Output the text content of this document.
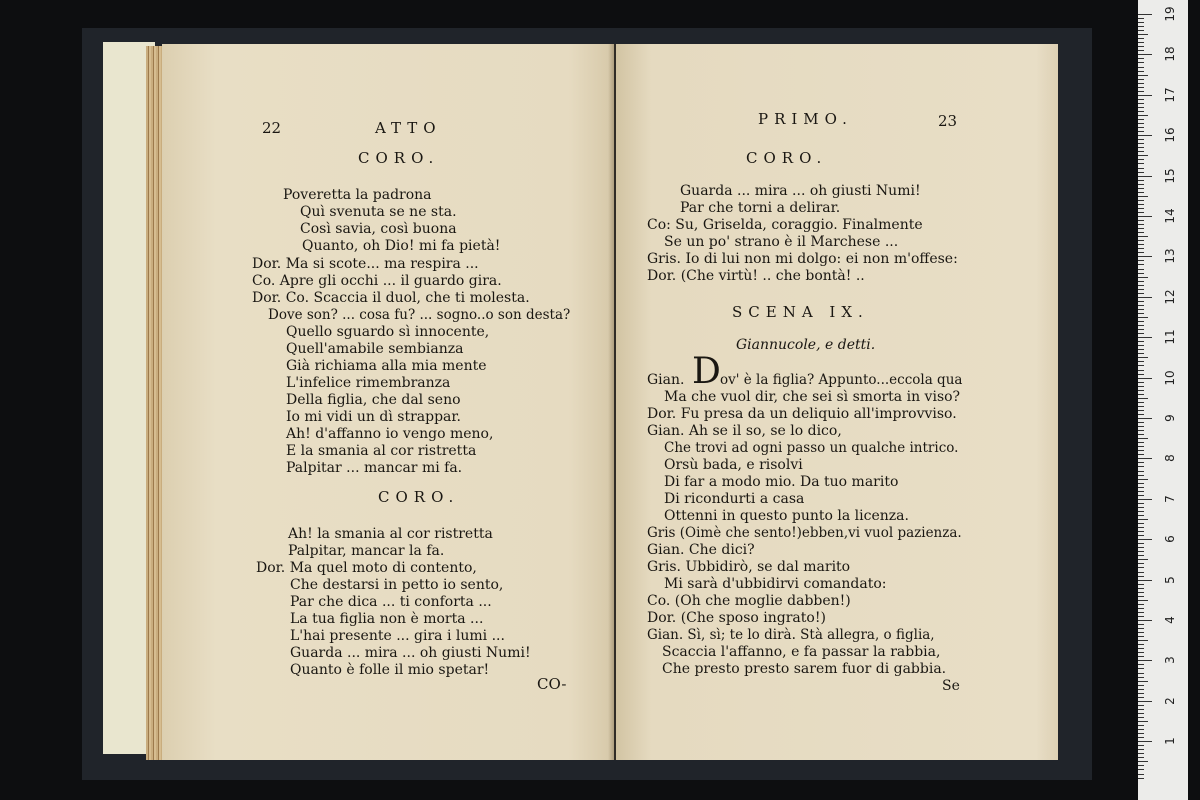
22	ATTO
CORO.
Poveretta la padrona
Quì svenuta se ne sta.
Così savia, così buona
Quanto, oh Dio! mi fa pietà!
Dor. Ma si scote... ma respira ...
Co. Apre gli occhi ... il guardo gira.
Dor. Co. Scaccia il duol, che ti molesta.
Dove son? ... cosa fu? ... sogno..o son desta?
Quello sguardo sì innocente,
Quell'amabile sembianza
Già richiama alla mia mente
L'infelice rimembranza
Della figlia, che dal seno
Io mi vidi un dì strappar.
Ah! d'affanno io vengo meno,
E la smania al cor ristretta
Palpitar ... mancar mi fa.
CORO.
Ah! la smania al cor ristretta
Palpitar, mancar la fa.
Dor. Ma quel moto di contento,
Che destarsi in petto io sento,
Par che dica ... ti conforta ...
La tua figlia non è morta ...
L'hai presente ... gira i lumi ...
Guarda ... mira ... oh giusti Numi!
Quanto è folle il mio spetar!
CO-
PRIMO.	23
CORO.
Guarda ... mira ... oh giusti Numi!
Par che torni a delirar.
Co: Su, Griselda, coraggio. Finalmente
Se un po' strano è il Marchese ...
Gris. Io di lui non mi dolgo: ei non m'offese:
Dor. (Che virtù! .. che bontà! ..
SCENA IX.
Giannucole, e detti.
Gian. D ov' è la figlia? Appunto...eccola qua
Ma che vuol dir, che sei sì smorta in viso?
Dor. Fu presa da un deliquio all'improvviso.
Gian. Ah se il so, se lo dico,
Che trovi ad ogni passo un qualche intrico.
Orsù bada, e risolvi
Di far a modo mio. Da tuo marito
Di ricondurti a casa
Ottenni in questo punto la licenza.
Gris (Oimè che sento!)ebben,vi vuol pazienza.
Gian. Che dici?
Gris. Ubbidirò, se dal marito
Mi sarà d'ubbidirvi comandato:
Co. (Oh che moglie dabben!)
Dor. (Che sposo ingrato!)
Gian. Sì, sì; te lo dirà. Stà allegra, o figlia,
Scaccia l'affanno, e fa passar la rabbia,
Che presto presto sarem fuor di gabbia.
Se
19
18
17
16
15
14
13
12
11
10
9
8
7
6
5
4
3
2
1
